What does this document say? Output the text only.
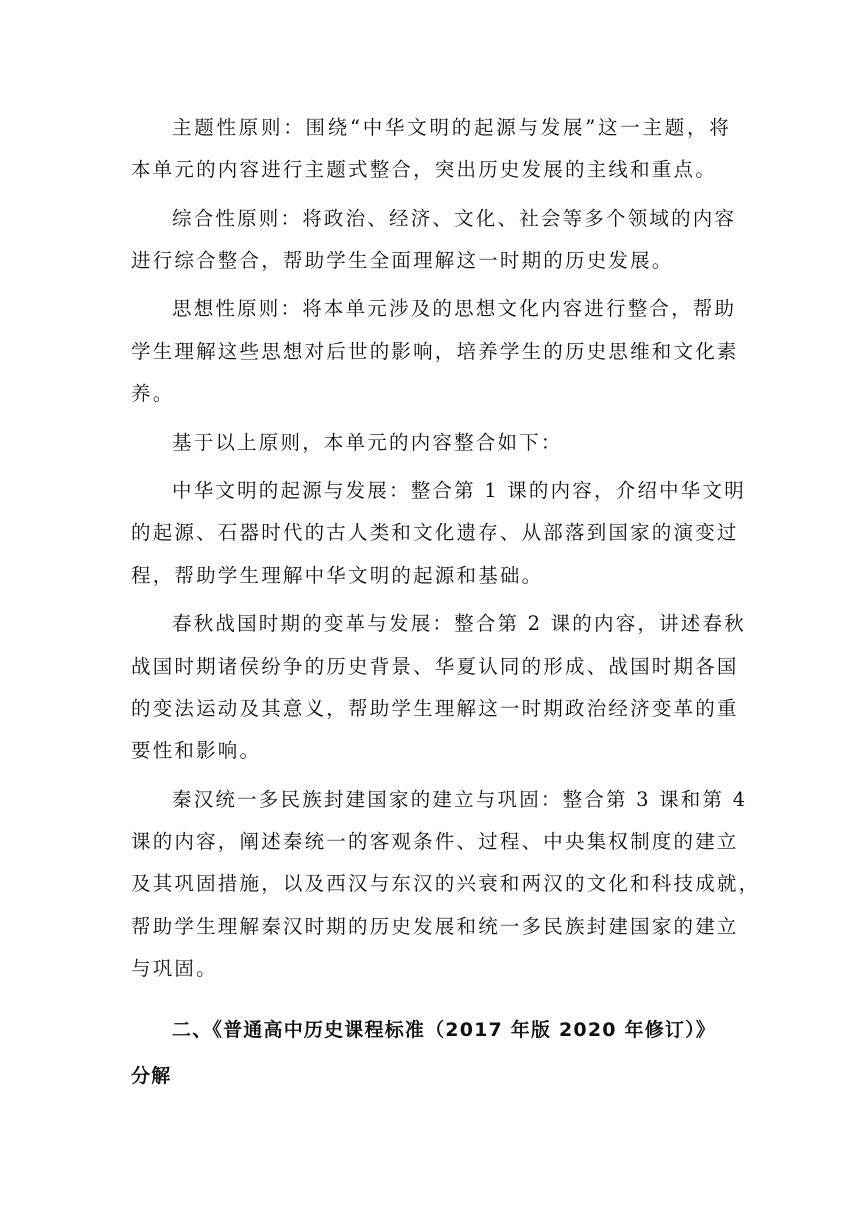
主题性原则：围绕“中华文明的起源与发展”这一主题，将
本单元的内容进行主题式整合，突出历史发展的主线和重点。
综合性原则：将政治、经济、文化、社会等多个领域的内容
进行综合整合，帮助学生全面理解这一时期的历史发展。
思想性原则：将本单元涉及的思想文化内容进行整合，帮助
学生理解这些思想对后世的影响，培养学生的历史思维和文化素
养。
基于以上原则，本单元的内容整合如下：
中华文明的起源与发展：整合第 1 课的内容，介绍中华文明
的起源、石器时代的古人类和文化遗存、从部落到国家的演变过
程，帮助学生理解中华文明的起源和基础。
春秋战国时期的变革与发展：整合第 2 课的内容，讲述春秋
战国时期诸侯纷争的历史背景、华夏认同的形成、战国时期各国
的变法运动及其意义，帮助学生理解这一时期政治经济变革的重
要性和影响。
秦汉统一多民族封建国家的建立与巩固：整合第 3 课和第 4
课的内容，阐述秦统一的客观条件、过程、中央集权制度的建立
及其巩固措施，以及西汉与东汉的兴衰和两汉的文化和科技成就，
帮助学生理解秦汉时期的历史发展和统一多民族封建国家的建立
与巩固。
二、《普通高中历史课程标准（2017 年版 2020 年修订）》
分解
